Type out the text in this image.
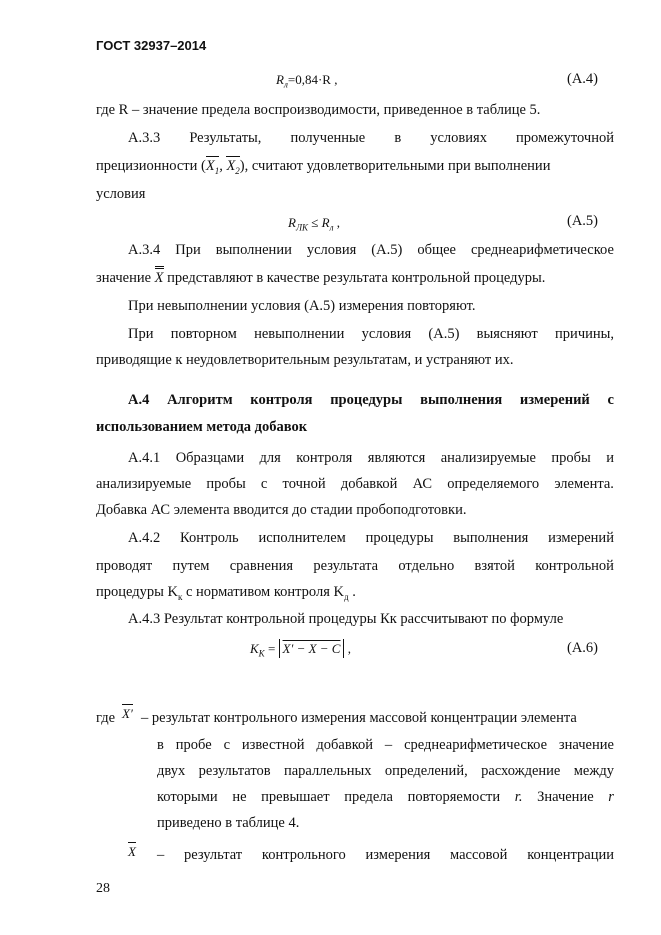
ГОСТ 32937–2014
$R_л=0,84\cdot R$ ,	(А.4)
где R – значение предела воспроизводимости, приведенное в таблице 5.
А.3.3 Результаты, полученные в условиях промежуточной
прецизионности ($X_1$, $X_2$), считают удовлетворительными при выполнении
условия
$R_{ЛК} \le R_л$ ,	(А.5)
А.3.4 При выполнении условия (А.5) общее среднеарифметическое
значение X представляют в качестве результата контрольной процедуры.
При невыполнении условия (А.5) измерения повторяют.
При повторном невыполнении условия (А.5) выясняют причины,
приводящие к неудовлетворительным результатам, и устраняют их.
А.4 Алгоритм контроля процедуры выполнения измерений с
использованием метода добавок
А.4.1 Образцами для контроля являются анализируемые пробы и
анализируемые пробы с точной добавкой АС определяемого элемента.
Добавка АС элемента вводится до стадии пробоподготовки.
А.4.2 Контроль исполнителем процедуры выполнения измерений
проводят путем сравнения результата отдельно взятой контрольной
процедуры $K_к$ с нормативом контроля $K_д$ .
А.4.3 Результат контрольной процедуры Кк рассчитывают по формуле
$K_K = X' - X - C$ ,	(А.6)
где X′ – результат контрольного измерения массовой концентрации элемента
в пробе с известной добавкой – среднеарифметическое значение
двух результатов параллельных определений, расхождение между
которыми не превышает предела повторяемости r. Значение r
приведено в таблице 4.
X – результат контрольного измерения массовой концентрации
28
